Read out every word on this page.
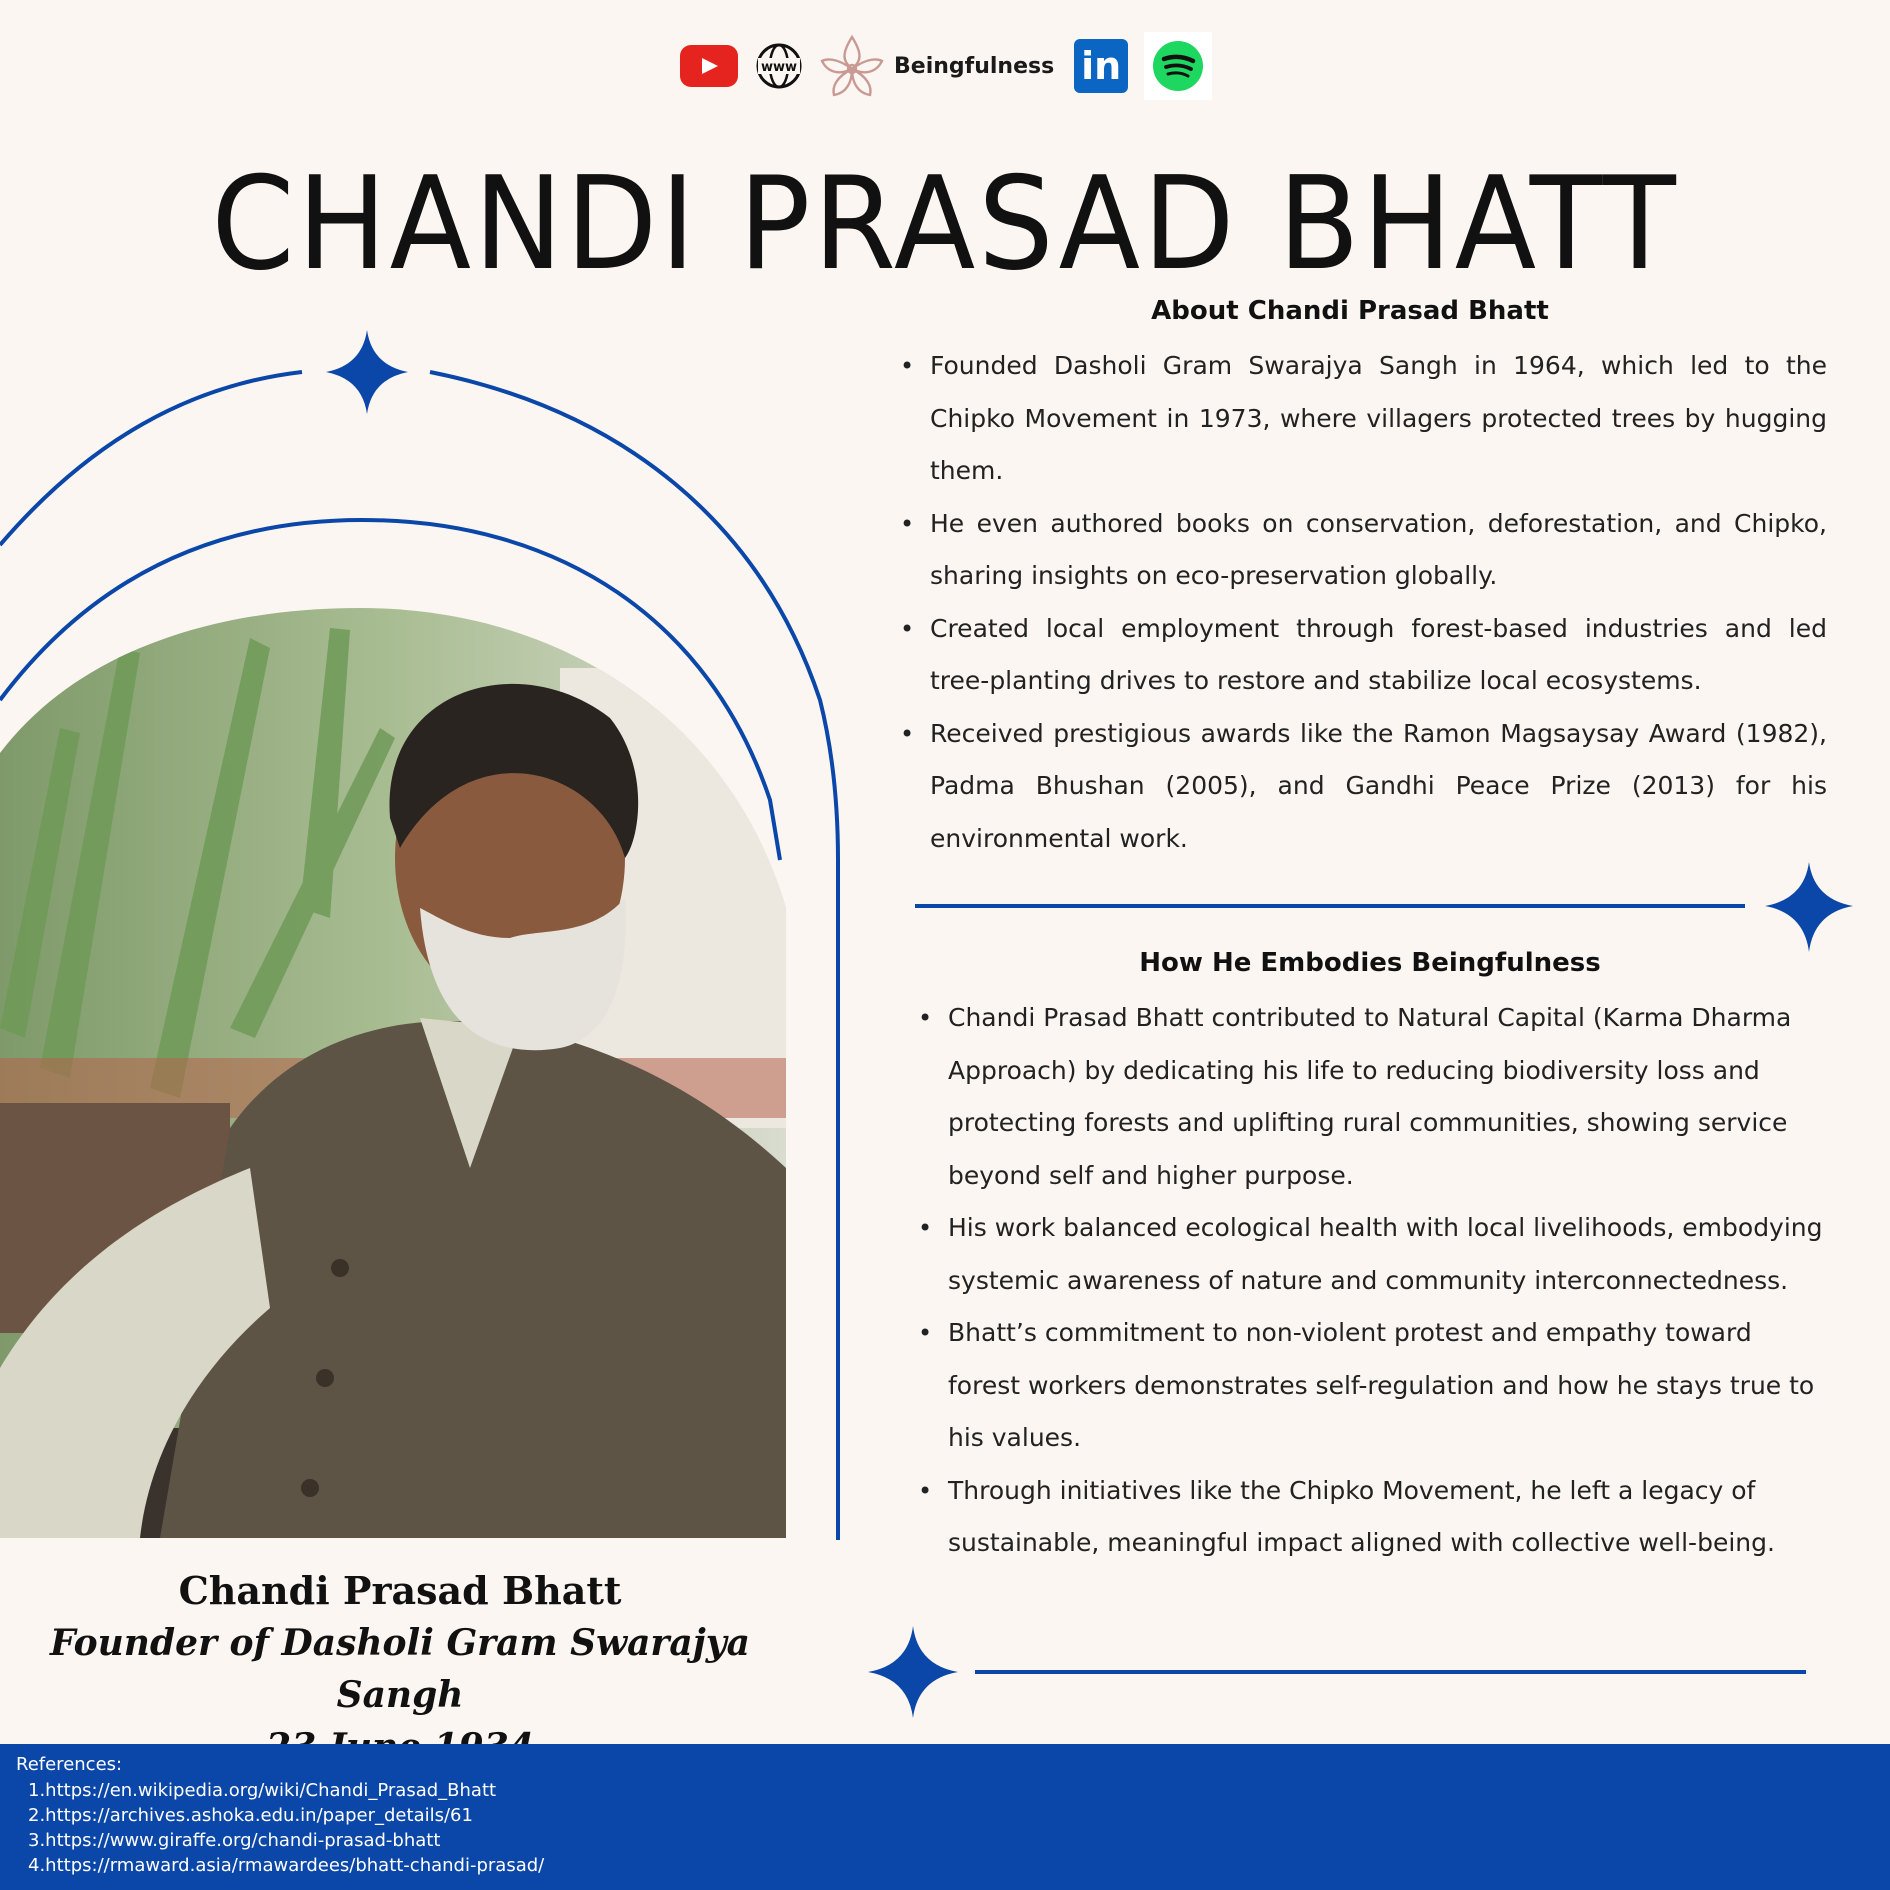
www	Beingfulness in
CHANDI PRASAD BHATT
Chandi Prasad Bhatt
Founder of Dasholi Gram Swarajya Sangh
About Chandi Prasad Bhatt
• Founded Dasholi Gram Swarajya Sangh in 1964, which led to the Chipko Movement in 1973, where villagers protected trees by hugging them.
• He even authored books on conservation, deforestation, and Chipko, sharing insights on eco-preservation globally.
• Created local employment through forest-based industries and led tree-planting drives to restore and stabilize local ecosystems.
• Received prestigious awards like the Ramon Magsaysay Award (1982), Padma Bhushan (2005), and Gandhi Peace Prize (2013) for his environmental work.
How He Embodies Beingfulness
• Chandi Prasad Bhatt contributed to Natural Capital (Karma Dharma Approach) by dedicating his life to reducing biodiversity loss and protecting forests and uplifting rural communities, showing service beyond self and higher purpose.
• His work balanced ecological health with local livelihoods, embodying systemic awareness of nature and community interconnectedness.
• Bhatt’s commitment to non-violent protest and empathy toward forest workers demonstrates self-regulation and how he stays true to his values.
• Through initiatives like the Chipko Movement, he left a legacy of sustainable, meaningful impact aligned with collective well-being.
References:
1.https://en.wikipedia.org/wiki/Chandi_Prasad_Bhatt
2.https://archives.ashoka.edu.in/paper_details/61
3.https://www.giraffe.org/chandi-prasad-bhatt
4.https://rmaward.asia/rmawardees/bhatt-chandi-prasad/
